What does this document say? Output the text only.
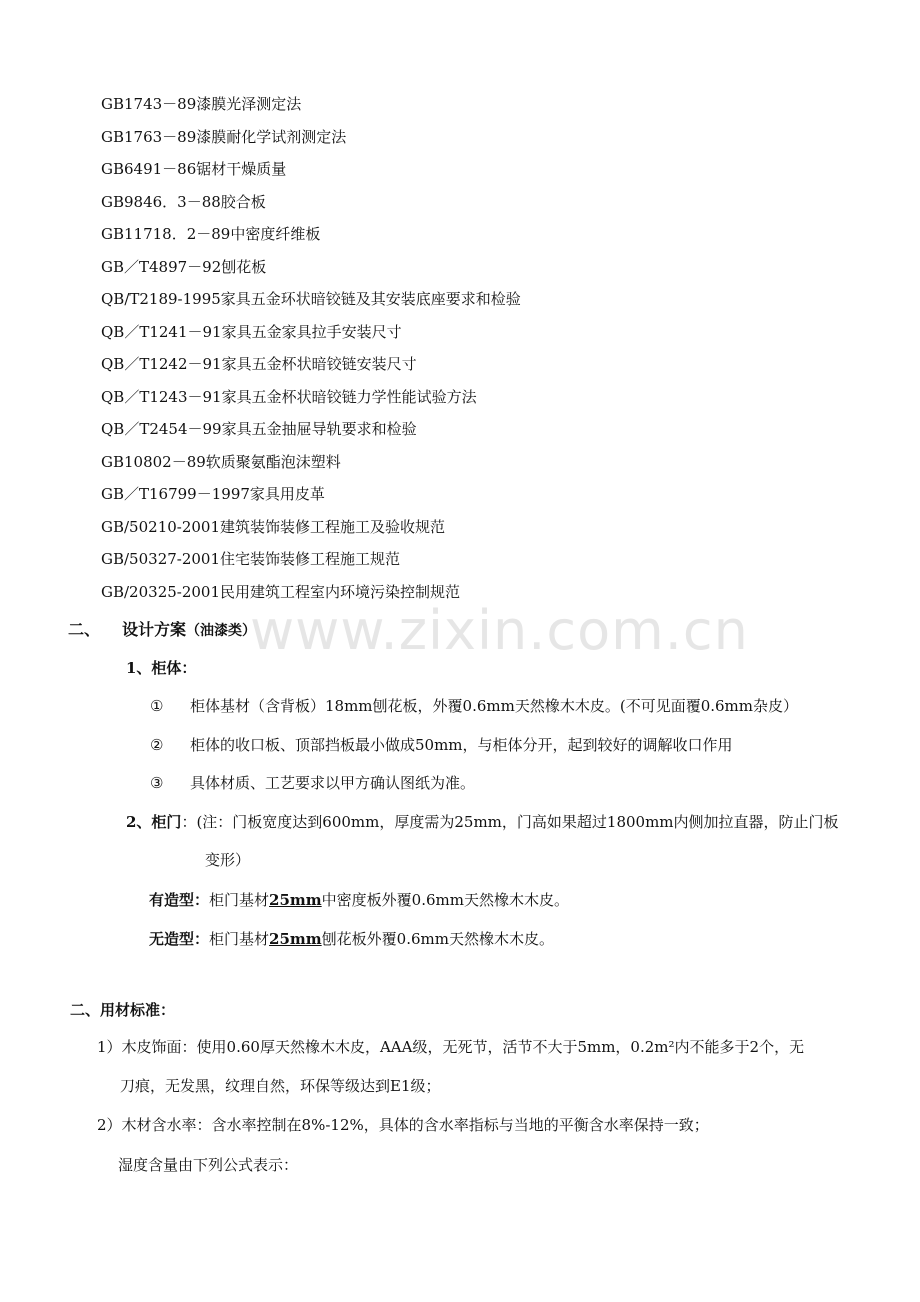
GB1743－89漆膜光泽测定法
GB1763－89漆膜耐化学试剂测定法
GB6491－86锯材干燥质量
GB9846．3－88胶合板
GB11718．2－89中密度纤维板
GB／T4897－92刨花板
QB/T2189-1995家具五金环状暗铰链及其安装底座要求和检验
QB／T1241－91家具五金家具拉手安装尺寸
QB／T1242－91家具五金杯状暗铰链安装尺寸
QB／T1243－91家具五金杯状暗铰链力学性能试验方法
QB／T2454－99家具五金抽屉导轨要求和检验
GB10802－89软质聚氨酯泡沫塑料
GB／T16799－1997家具用皮革
GB/50210-2001建筑装饰装修工程施工及验收规范
GB/50327-2001住宅装饰装修工程施工规范
GB/20325-2001民用建筑工程室内环境污染控制规范
www.zixin.com.cn
二、 设计方案（油漆类）
1、柜体：
① 柜体基材（含背板）18mm刨花板，外覆0.6mm天然橡木木皮。(不可见面覆0.6mm杂皮）
② 柜体的收口板、顶部挡板最小做成50mm，与柜体分开，起到较好的调解收口作用
③ 具体材质、工艺要求以甲方确认图纸为准。
2、柜门：(注：门板宽度达到600mm，厚度需为25mm，门高如果超过1800mm内侧加拉直器，防止门板
变形）
有造型：柜门基材25mm中密度板外覆0.6mm天然橡木木皮。
无造型：柜门基材25mm刨花板外覆0.6mm天然橡木木皮。
二、用材标准：
1）木皮饰面：使用0.60厚天然橡木木皮，AAA级，无死节，活节不大于5mm，0.2m²内不能多于2个，无
刀痕，无发黑，纹理自然，环保等级达到E1级；
2）木材含水率：含水率控制在8%-12%，具体的含水率指标与当地的平衡含水率保持一致；
湿度含量由下列公式表示：
